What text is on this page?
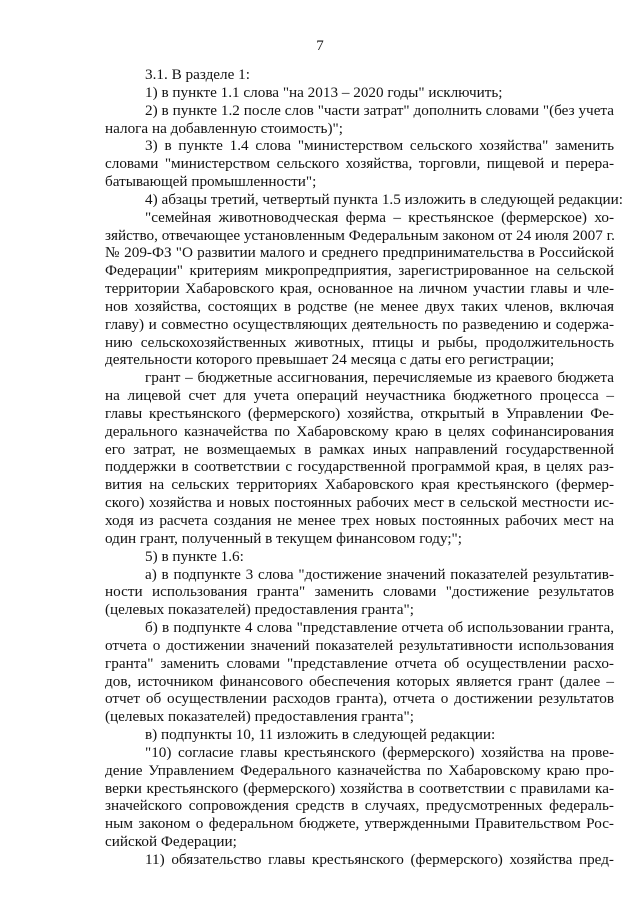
7
3.1. В разделе 1:
1) в пункте 1.1 слова "на 2013 – 2020 годы" исключить;
2) в пункте 1.2 после слов "части затрат" дополнить словами "(без учета
налога на добавленную стоимость)";
3) в пункте 1.4 слова "министерством сельского хозяйства" заменить
словами "министерством сельского хозяйства, торговли, пищевой и перера-
батывающей промышленности";
4) абзацы третий, четвертый пункта 1.5 изложить в следующей редакции:
"семейная животноводческая ферма – крестьянское (фермерское) хо-
зяйство, отвечающее установленным Федеральным законом от 24 июля 2007 г.
№ 209-ФЗ "О развитии малого и среднего предпринимательства в Российской
Федерации" критериям микропредприятия, зарегистрированное на сельской
территории Хабаровского края, основанное на личном участии главы и чле-
нов хозяйства, состоящих в родстве (не менее двух таких членов, включая
главу) и совместно осуществляющих деятельность по разведению и содержа-
нию сельскохозяйственных животных, птицы и рыбы, продолжительность
деятельности которого превышает 24 месяца с даты его регистрации;
грант – бюджетные ассигнования, перечисляемые из краевого бюджета
на лицевой счет для учета операций неучастника бюджетного процесса –
главы крестьянского (фермерского) хозяйства, открытый в Управлении Фе-
дерального казначейства по Хабаровскому краю в целях софинансирования
его затрат, не возмещаемых в рамках иных направлений государственной
поддержки в соответствии с государственной программой края, в целях раз-
вития на сельских территориях Хабаровского края крестьянского (фермер-
ского) хозяйства и новых постоянных рабочих мест в сельской местности ис-
ходя из расчета создания не менее трех новых постоянных рабочих мест на
один грант, полученный в текущем финансовом году;";
5) в пункте 1.6:
а) в подпункте 3 слова "достижение значений показателей результатив-
ности использования гранта" заменить словами "достижение результатов
(целевых показателей) предоставления гранта";
б) в подпункте 4 слова "представление отчета об использовании гранта,
отчета о достижении значений показателей результативности использования
гранта" заменить словами "представление отчета об осуществлении расхо-
дов, источником финансового обеспечения которых является грант (далее –
отчет об осуществлении расходов гранта), отчета о достижении результатов
(целевых показателей) предоставления гранта";
в) подпункты 10, 11 изложить в следующей редакции:
"10) согласие главы крестьянского (фермерского) хозяйства на прове-
дение Управлением Федерального казначейства по Хабаровскому краю про-
верки крестьянского (фермерского) хозяйства в соответствии с правилами ка-
значейского сопровождения средств в случаях, предусмотренных федераль-
ным законом о федеральном бюджете, утвержденными Правительством Рос-
сийской Федерации;
11) обязательство главы крестьянского (фермерского) хозяйства пред-
